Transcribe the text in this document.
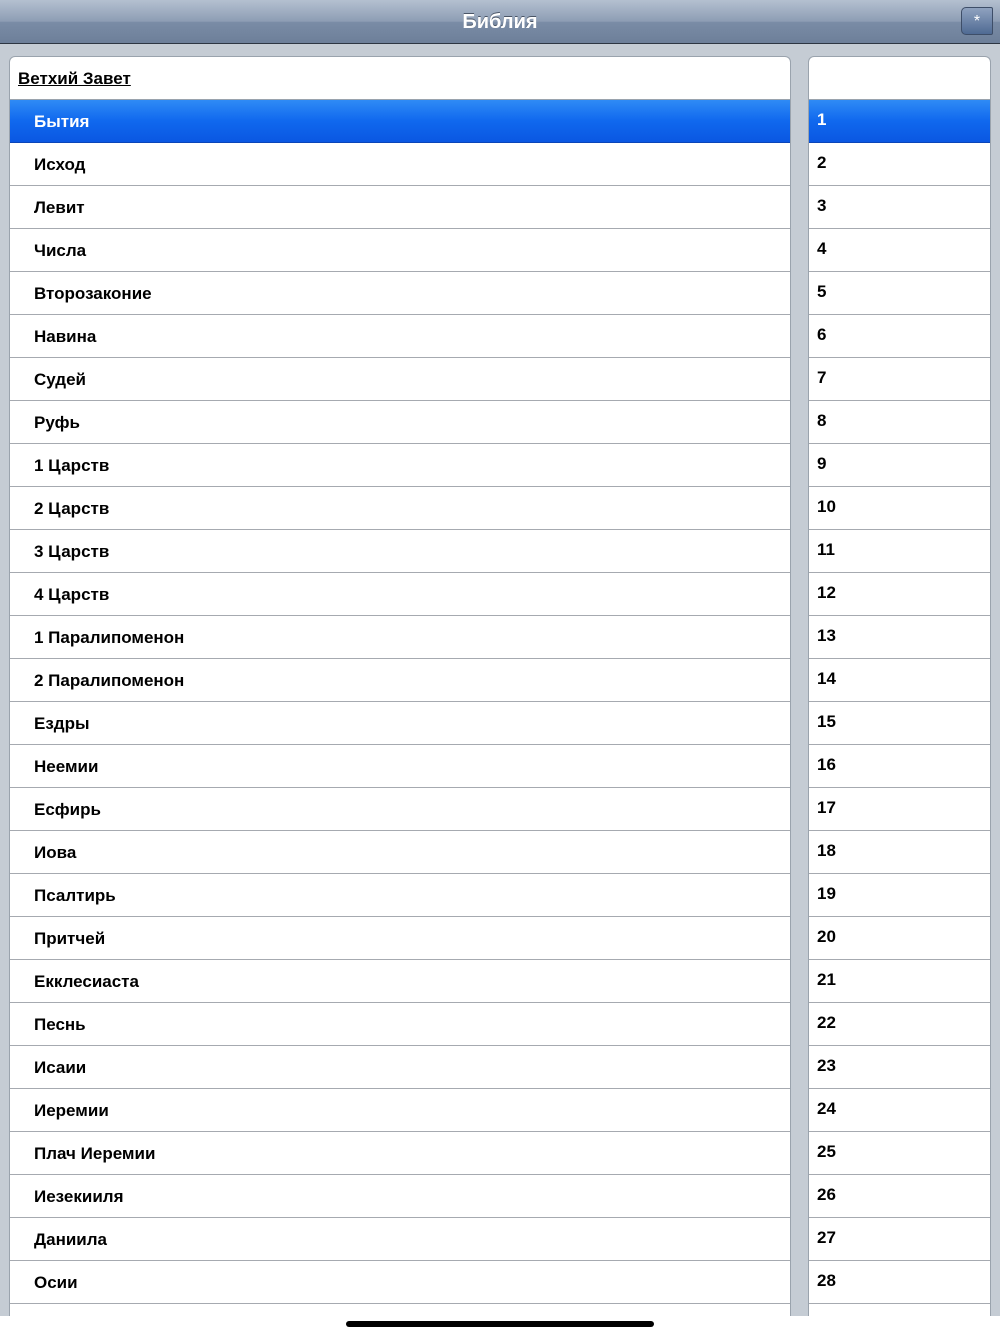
Библия	*
Ветхий Завет
Бытия
Исход
Левит
Числа
Второзаконие
Навина
Судей
Руфь
1 Царств
2 Царств
3 Царств
4 Царств
1 Паралипоменон
2 Паралипоменон
Ездры
Неемии
Есфирь
Иова
Псалтирь
Притчей
Екклесиаста
Песнь
Исаии
Иеремии
Плач Иеремии
Иезекииля
Даниила
Осии
1
2
3
4
5
6
7
8
9
10
11
12
13
14
15
16
17
18
19
20
21
22
23
24
25
26
27
28
